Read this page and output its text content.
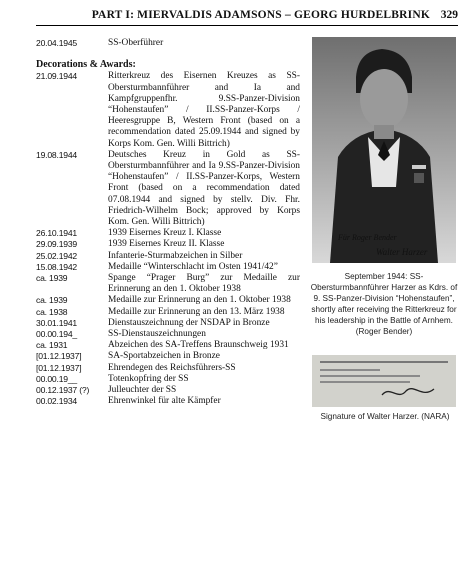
PART I: MIERVALDIS ADAMSONS – GEORG HURDELBRINK 329
20.04.1945	SS-Oberführer
Decorations & Awards:
21.09.1944	Ritterkreuz des Eisernen Kreuzes as SS-Obersturmbannführer and Ia and Kampfgruppenfhr. 9.SS-Panzer-Division “Hohenstaufen” / II.SS-Panzer-Korps / Heeresgruppe B, Western Front (based on a recommendation dated 25.09.1944 and signed by Korps Kom. Gen. Willi Bittrich)
19.08.1944	Deutsches Kreuz in Gold as SS-Obersturmbannführer and Ia 9.SS-Panzer-Division “Hohenstaufen” / II.SS-Panzer-Korps, Western Front (based on a recommendation dated 07.08.1944 and signed by stellv. Div. Fhr. Friedrich-Wilhelm Bock; approved by Korps Kom. Gen. Willi Bittrich)
26.10.1941	1939 Eisernes Kreuz I. Klasse
29.09.1939	1939 Eisernes Kreuz II. Klasse
25.02.1942	Infanterie-Sturmabzeichen in Silber
15.08.1942	Medaille “Winterschlacht im Osten 1941/42”
ca. 1939	Spange “Prager Burg” zur Medaille zur Erinnerung an den 1. Oktober 1938
ca. 1939	Medaille zur Erinnerung an den 1. Oktober 1938
ca. 1938	Medaille zur Erinnerung an den 13. März 1938
30.01.1941	Dienstauszeichnung der NSDAP in Bronze
00.00.194_	SS-Dienstauszeichnungen
ca. 1931	Abzeichen des SA-Treffens Braunschweig 1931
[01.12.1937]	SA-Sportabzeichen in Bronze
[01.12.1937]	Ehrendegen des Reichsführers-SS
00.00.19__	Totenkopfring der SS
00.12.1937 (?)	Julleuchter der SS
00.02.1934	Ehrenwinkel für alte Kämpfer
Für Roger Bender
Walter Harzer
September 1944: SS-Obersturmbannführer Harzer as Kdrs. of 9. SS-Panzer-Division “Hohenstaufen”, shortly after receiving the Ritterkreuz for his leadership in the Battle of Arnhem. (Roger Bender)
Signature of Walter Harzer. (NARA)
